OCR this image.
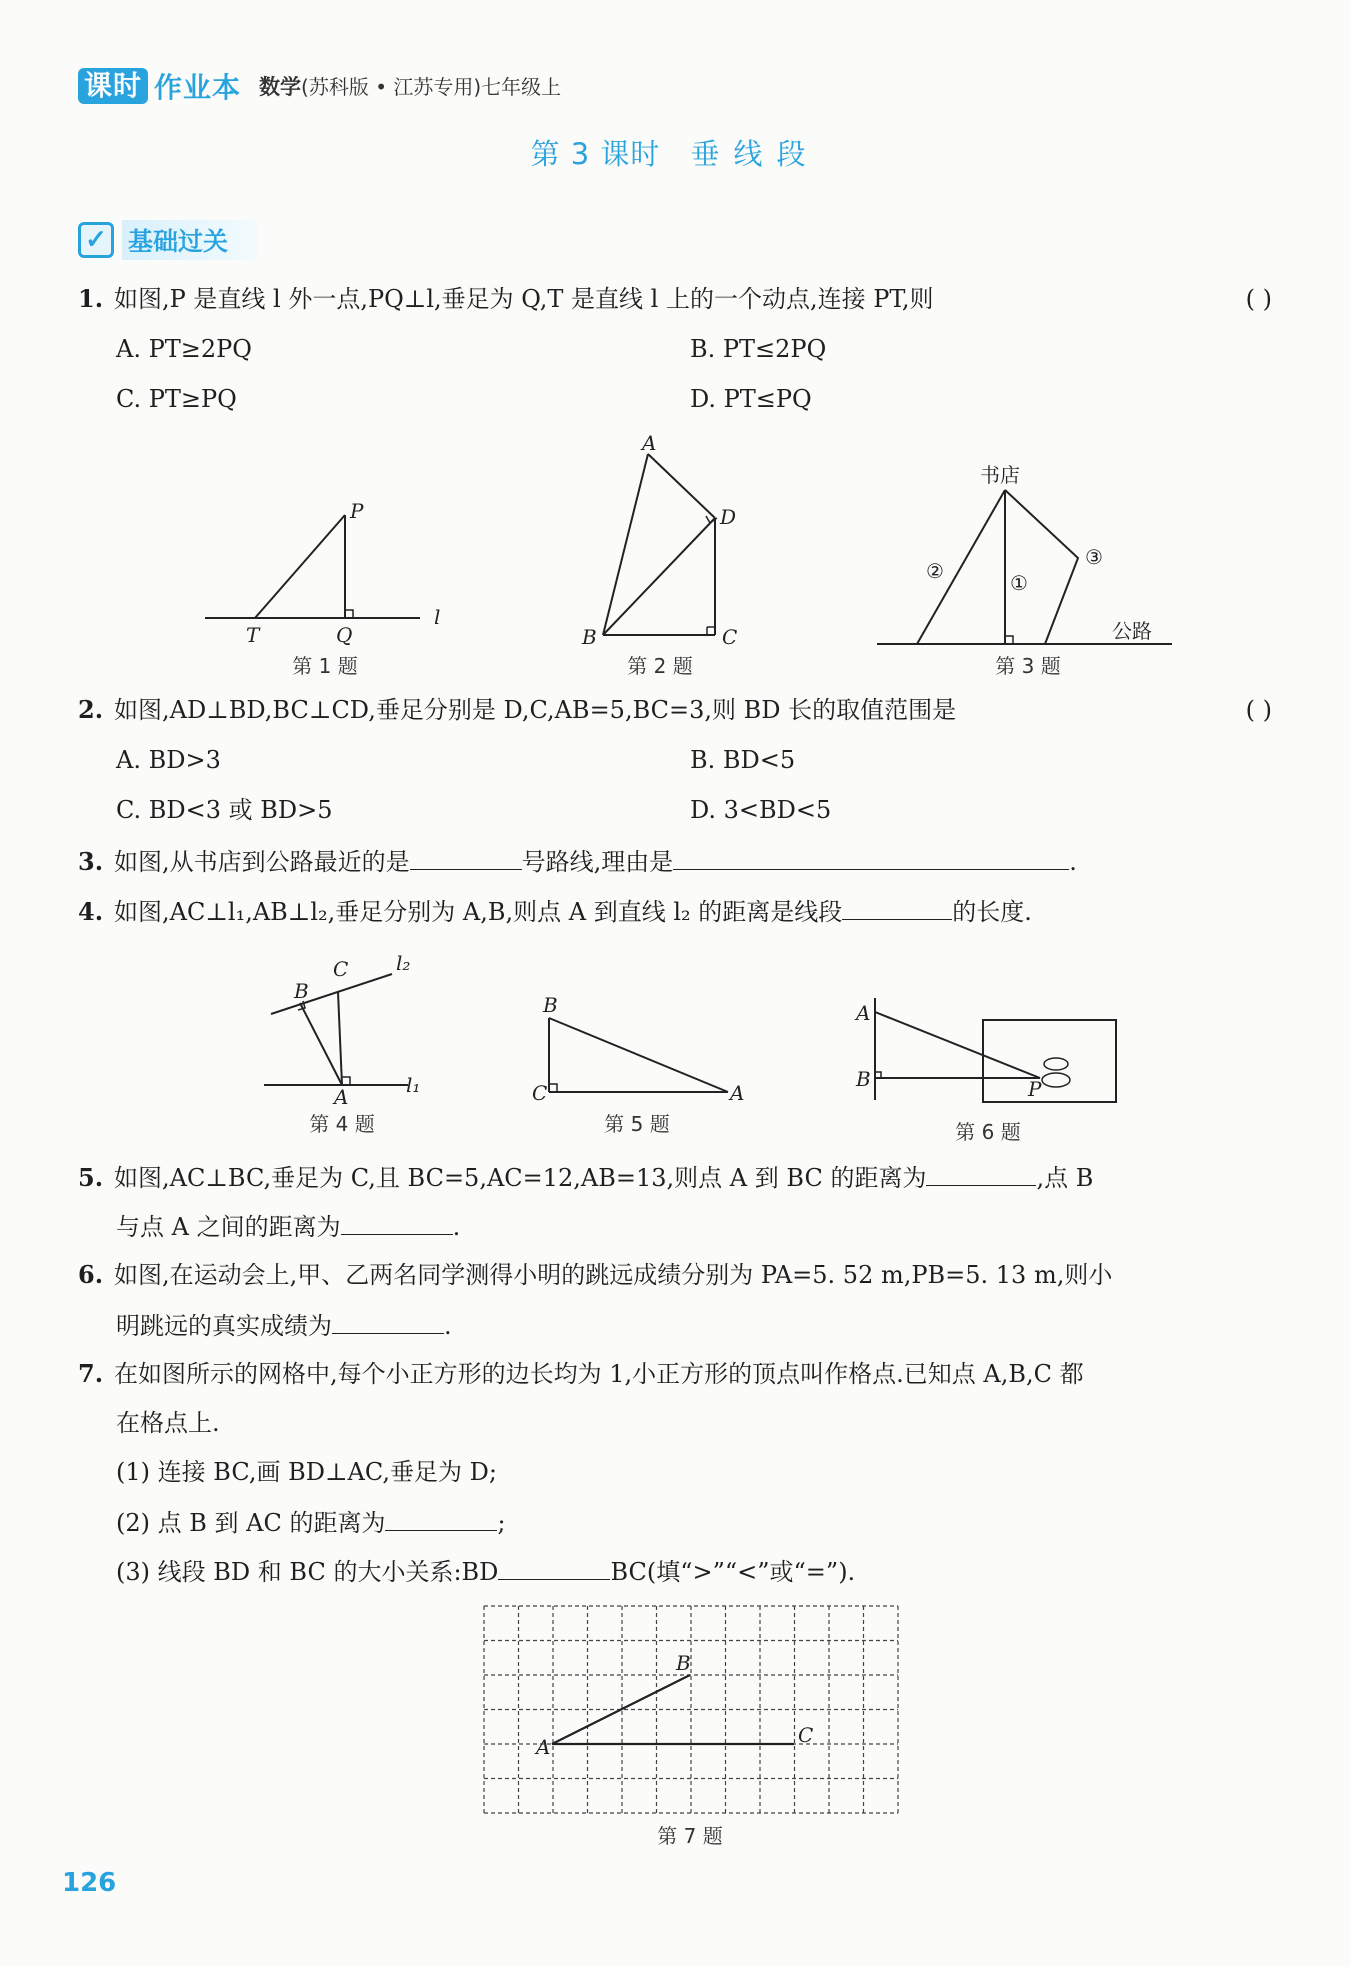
课时 作业本 数学(苏科版 • 江苏专用)七年级上
第 3 课时 垂线段
✓ 基础过关
1. 如图,P 是直线 l 外一点,PQ⊥l,垂足为 Q,T 是直线 l 上的一个动点,连接 PT,则	( )
A. PT≥2PQ	B. PT≤2PQ
C. PT≥PQ	D. PT≤PQ
P
T	Q
l
A
D
B	C
书店
公路
②	①
③
第 1 题	第 2 题	第 3 题
2. 如图,AD⊥BD,BC⊥CD,垂足分别是 D,C,AB=5,BC=3,则 BD 长的取值范围是	( )
A. BD>3	B. BD<5
C. BD<3 或 BD>5	D. 3<BD<5
3. 如图,从书店到公路最近的是	号路线,理由是	.
4. 如图,AC⊥l₁,AB⊥l₂,垂足分别为 A,B,则点 A 到直线 l₂ 的距离是线段	的长度.
C
B
A
l₂
l₁
B
C	A
A
B	P
第 4 题	第 5 题	第 6 题
5. 如图,AC⊥BC,垂足为 C,且 BC=5,AC=12,AB=13,则点 A 到 BC 的距离为	,点 B
与点 A 之间的距离为	.
6. 如图,在运动会上,甲、乙两名同学测得小明的跳远成绩分别为 PA=5. 52 m,PB=5. 13 m,则小
明跳远的真实成绩为	.
7. 在如图所示的网格中,每个小正方形的边长均为 1,小正方形的顶点叫作格点.已知点 A,B,C 都
在格点上.
(1) 连接 BC,画 BD⊥AC,垂足为 D;
(2) 点 B 到 AC 的距离为	;
(3) 线段 BD 和 BC 的大小关系:BD	BC(填“>”“<”或“=”).
B
A	C
第 7 题
126
